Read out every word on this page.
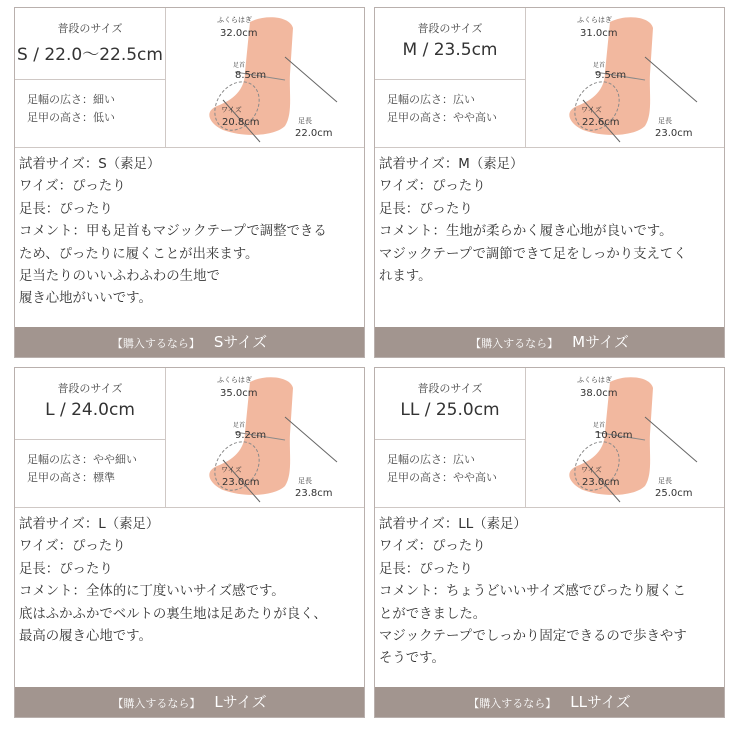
普段のサイズ
S / 22.0〜22.5cm
足幅の広さ：細い
足甲の高さ：低い
ふくらはぎ
32.0cm
足首
8.5cm
ワイズ
20.8cm	足長
22.0cm

試着サイズ：S（素足）

ワイズ：ぴったり

足長：ぴったり

コメント：甲も足首もマジックテープで調整できる

ため、ぴったりに履くことが出来ます。

足当たりのいいふわふわの生地で

履き心地がいいです。

【購入するなら】 Sサイズ
普段のサイズ
M / 23.5cm
足幅の広さ：広い
足甲の高さ：やや高い
ふくらはぎ
31.0cm
足首
9.5cm
ワイズ
22.6cm	足長
23.0cm

試着サイズ：M（素足）

ワイズ：ぴったり

足長：ぴったり

コメント：生地が柔らかく履き心地が良いです。

マジックテープで調節できて足をしっかり支えてく

れます。

【購入するなら】 Mサイズ
普段のサイズ
L / 24.0cm
足幅の広さ：やや細い
足甲の高さ：標準
ふくらはぎ
35.0cm
足首
9.2cm
ワイズ
23.0cm	足長
23.8cm

試着サイズ：L（素足）

ワイズ：ぴったり

足長：ぴったり

コメント：全体的に丁度いいサイズ感です。

底はふかふかでベルトの裏生地は足あたりが良く、

最高の履き心地です。

【購入するなら】 Lサイズ
普段のサイズ
LL / 25.0cm
足幅の広さ：広い
足甲の高さ：やや高い
ふくらはぎ
38.0cm
足首
10.0cm
ワイズ
23.0cm	足長
25.0cm

試着サイズ：LL（素足）

ワイズ：ぴったり

足長：ぴったり

コメント：ちょうどいいサイズ感でぴったり履くこ

とができました。

マジックテープでしっかり固定できるので歩きやす

そうです。

【購入するなら】 LLサイズ
